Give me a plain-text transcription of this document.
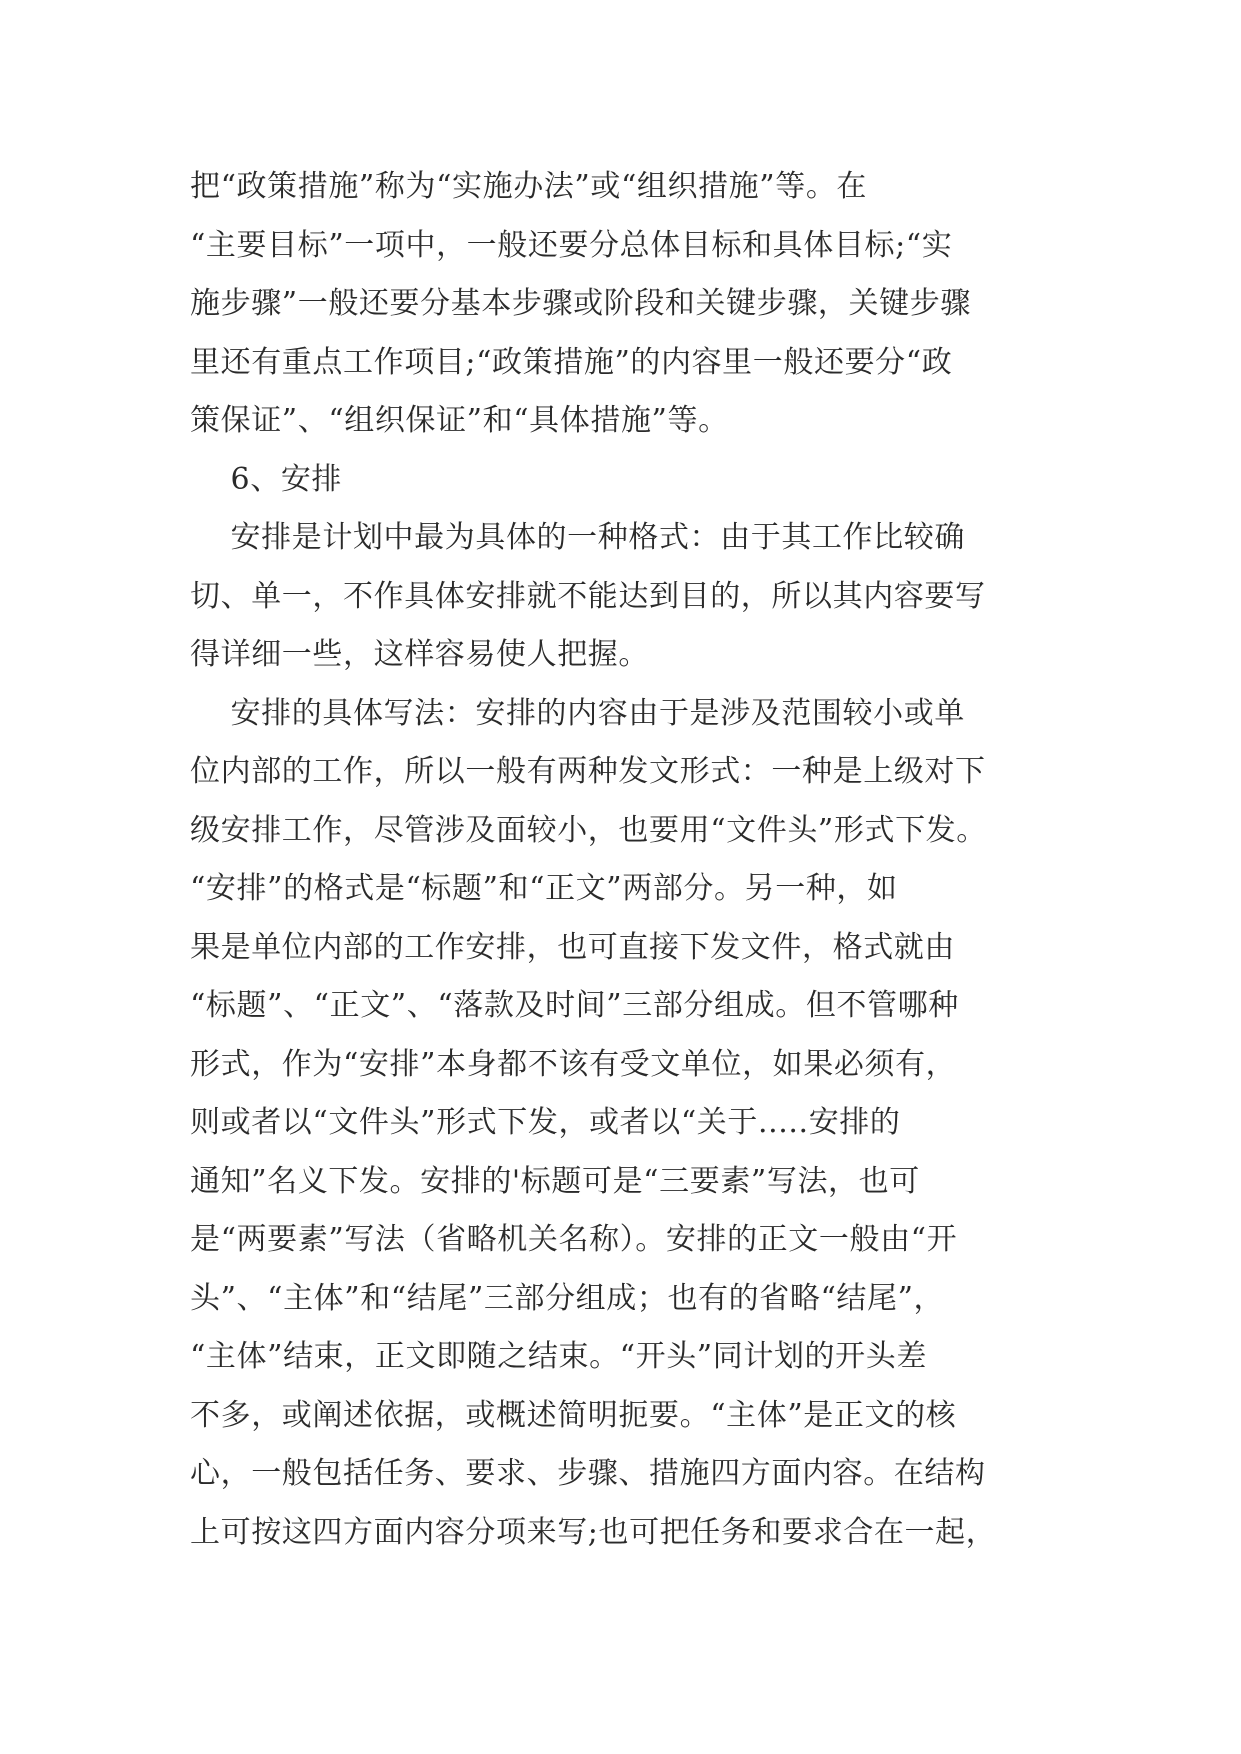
把“政策措施”称为“实施办法”或“组织措施”等。在
“主要目标”一项中，一般还要分总体目标和具体目标;“实
施步骤”一般还要分基本步骤或阶段和关键步骤，关键步骤
里还有重点工作项目;“政策措施”的内容里一般还要分“政
策保证”、“组织保证”和“具体措施”等。
6、安排
安排是计划中最为具体的一种格式：由于其工作比较确
切、单一，不作具体安排就不能达到目的，所以其内容要写
得详细一些，这样容易使人把握。
安排的具体写法：安排的内容由于是涉及范围较小或单
位内部的工作，所以一般有两种发文形式：一种是上级对下
级安排工作，尽管涉及面较小，也要用“文件头”形式下发。
“安排”的格式是“标题”和“正文”两部分。另一种，如
果是单位内部的工作安排，也可直接下发文件，格式就由
“标题”、“正文”、“落款及时间”三部分组成。但不管哪种
形式，作为“安排”本身都不该有受文单位，如果必须有，
则或者以“文件头”形式下发，或者以“关于.....安排的
通知”名义下发。安排的'标题可是“三要素”写法，也可
是“两要素”写法（省略机关名称）。安排的正文一般由“开
头”、“主体”和“结尾”三部分组成；也有的省略“结尾”，
“主体”结束，正文即随之结束。“开头”同计划的开头差
不多，或阐述依据，或概述简明扼要。“主体”是正文的核
心，一般包括任务、要求、步骤、措施四方面内容。在结构
上可按这四方面内容分项来写;也可把任务和要求合在一起，
